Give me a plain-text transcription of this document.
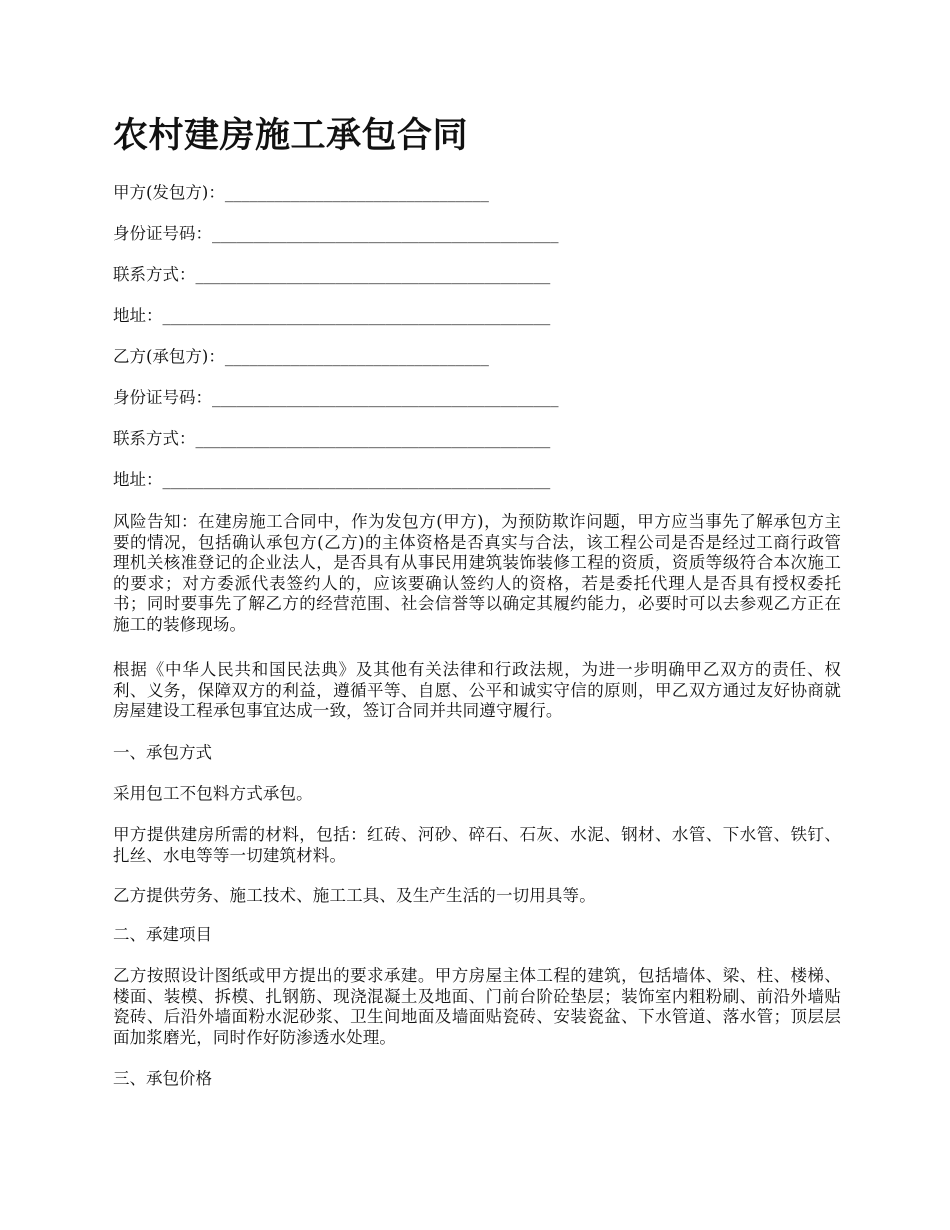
农村建房施工承包合同
甲方(发包方)：________________________________
身份证号码：__________________________________________
联系方式：___________________________________________
地址：_______________________________________________
乙方(承包方)：________________________________
身份证号码：__________________________________________
联系方式：___________________________________________
地址：_______________________________________________

风险告知：在建房施工合同中，作为发包方(甲方)，为预防欺诈问题，甲方应当事先了解承包方主要的情况，包括确认承包方(乙方)的主体资格是否真实与合法，该工程公司是否是经过工商行政管理机关核准登记的企业法人，是否具有从事民用建筑装饰装修工程的资质，资质等级符合本次施工的要求；对方委派代表签约人的，应该要确认签约人的资格，若是委托代理人是否具有授权委托书；同时要事先了解乙方的经营范围、社会信誉等以确定其履约能力，必要时可以去参观乙方正在施工的装修现场。

根据《中华人民共和国民法典》及其他有关法律和行政法规，为进一步明确甲乙双方的责任、权利、义务，保障双方的利益，遵循平等、自愿、公平和诚实守信的原则，甲乙双方通过友好协商就房屋建设工程承包事宜达成一致，签订合同并共同遵守履行。

一、承包方式

采用包工不包料方式承包。

甲方提供建房所需的材料，包括：红砖、河砂、碎石、石灰、水泥、钢材、水管、下水管、铁钉、扎丝、水电等等一切建筑材料。

乙方提供劳务、施工技术、施工工具、及生产生活的一切用具等。

二、承建项目

乙方按照设计图纸或甲方提出的要求承建。甲方房屋主体工程的建筑，包括墙体、梁、柱、楼梯、楼面、装模、拆模、扎钢筋、现浇混凝土及地面、门前台阶砼垫层；装饰室内粗粉刷、前沿外墙贴瓷砖、后沿外墙面粉水泥砂浆、卫生间地面及墙面贴瓷砖、安装瓷盆、下水管道、落水管；顶层层面加浆磨光，同时作好防渗透水处理。

三、承包价格
